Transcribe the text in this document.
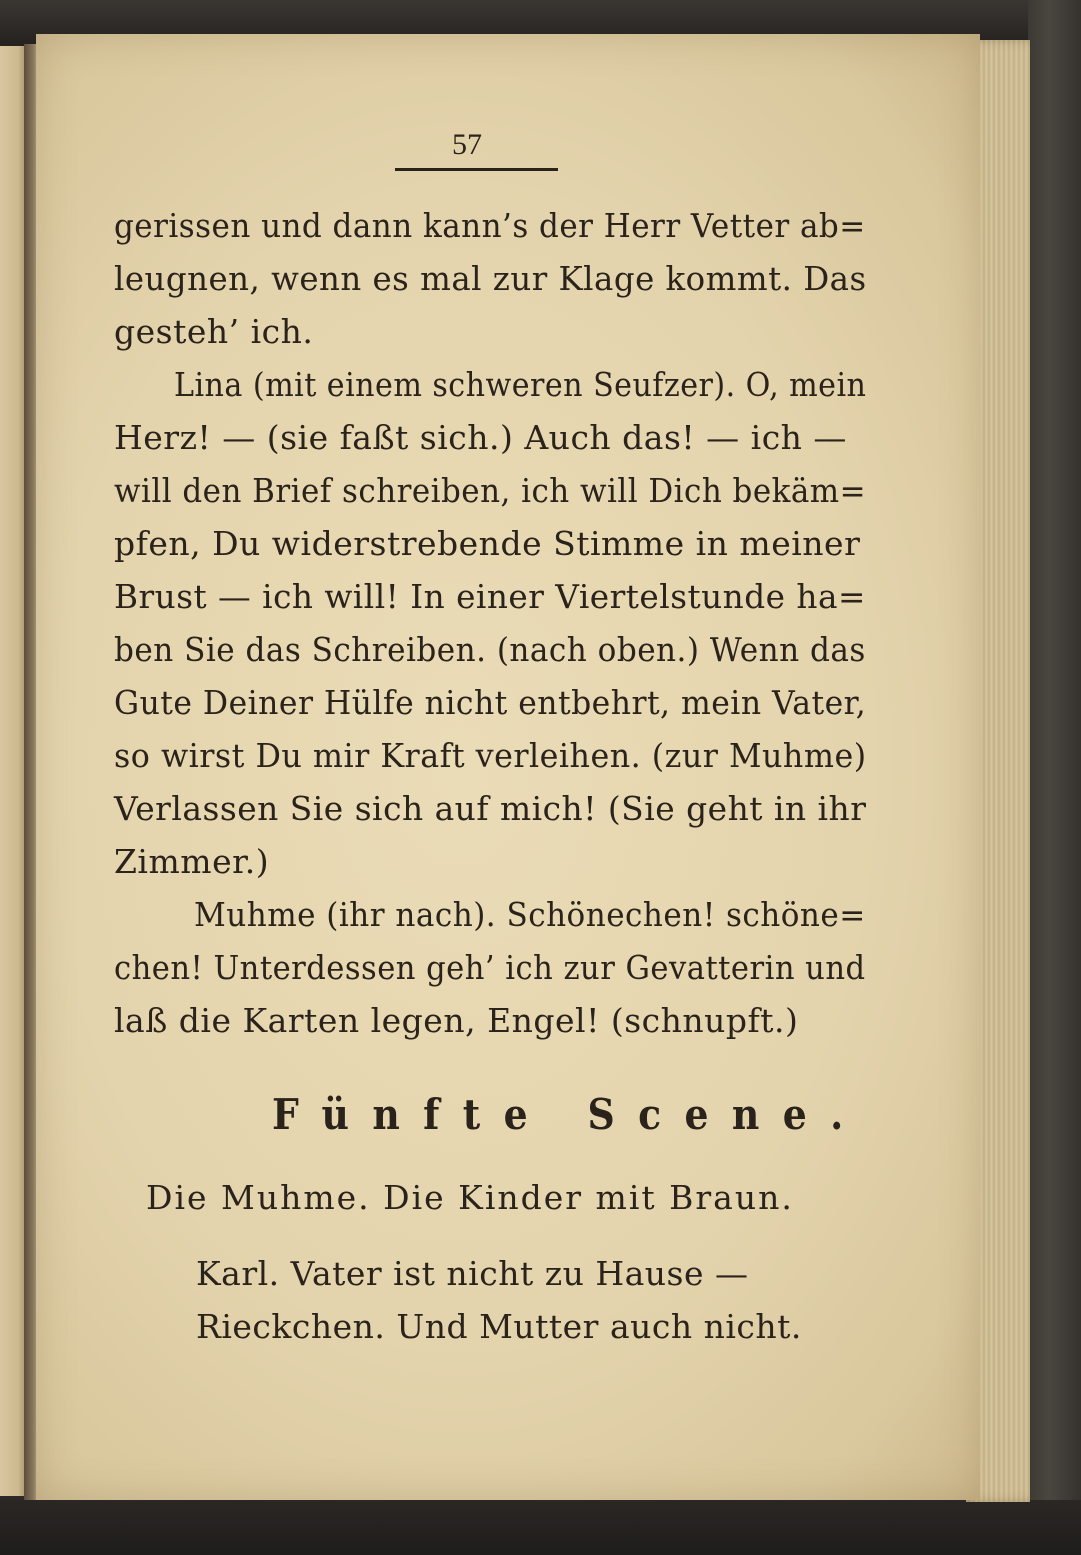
57
gerissen und dann kann’s der Herr Vetter ab=
leugnen, wenn es mal zur Klage kommt. Das
gesteh’ ich.
Lina (mit einem schweren Seufzer). O, mein
Herz! — (sie faßt sich.) Auch das! — ich —
will den Brief schreiben, ich will Dich bekäm=
pfen, Du widerstrebende Stimme in meiner
Brust — ich will! In einer Viertelstunde ha=
ben Sie das Schreiben. (nach oben.) Wenn das
Gute Deiner Hülfe nicht entbehrt, mein Vater,
so wirst Du mir Kraft verleihen. (zur Muhme)
Verlassen Sie sich auf mich! (Sie geht in ihr
Zimmer.)
Muhme (ihr nach). Schönechen! schöne=
chen! Unterdessen geh’ ich zur Gevatterin und
laß die Karten legen, Engel! (schnupft.)
Fünfte Scene.
Die Muhme. Die Kinder mit Braun.
Karl. Vater ist nicht zu Hause —
Rieckchen. Und Mutter auch nicht.
